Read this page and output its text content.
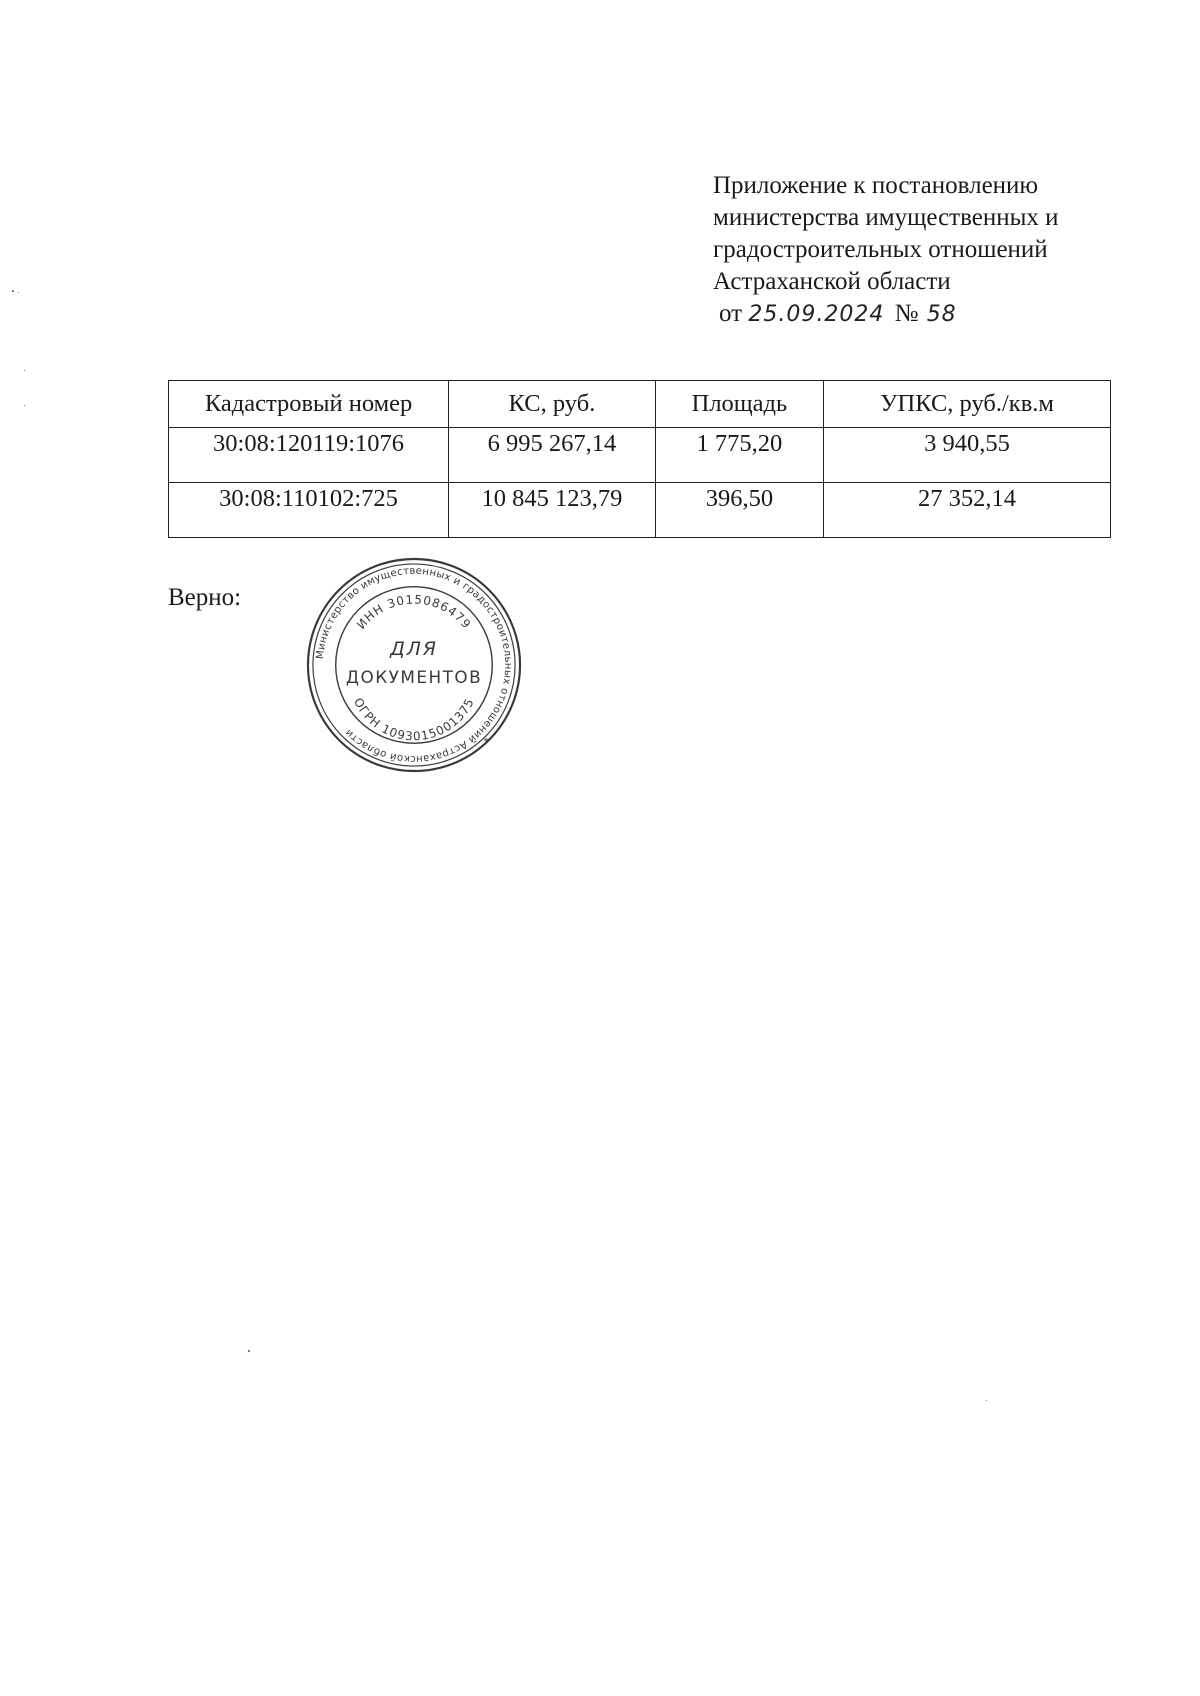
Приложение к постановлению
министерства имущественных и
градостроительных отношений
Астраханской области
от 25.09.2024 № 58
Кадастровый номер	КС, руб.	Площадь	УПКС, руб./кв.м
30:08:120119:1076	6 995 267,14	1 775,20	3 940,55
30:08:110102:725	10 845 123,79	396,50	27 352,14
Верно:
Министерство имущественных и градостроительных отношений Астраханской области
*
ИНН 3015086479
ОГРН 1093015001375
ДЛЯ
ДОКУМЕНТОВ
